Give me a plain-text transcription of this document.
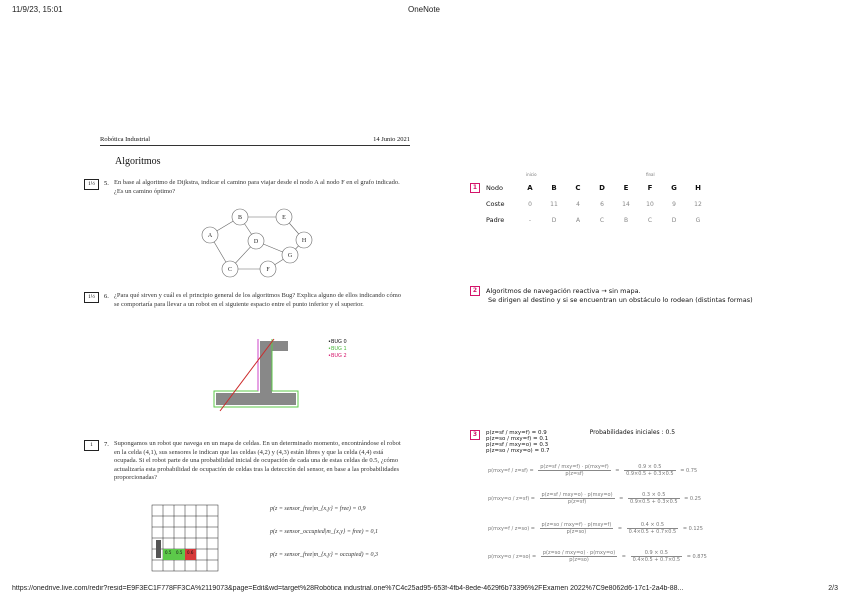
11/9/23, 15:01	OneNote
Robótica Industrial	14 Junio 2021
Algoritmos
1½	5. En base al algoritmo de Dijkstra, indicar el camino para viajar desde el nodo A al nodo F en el grafo indicado. ¿Es un camino óptimo?
A
B
C
D
E
F
G
H
1½	6. ¿Para qué sirven y cuál es el principio general de los algoritmos Bug? Explica alguno de ellos indicando cómo se comportaría para llevar a un robot en el siguiente espacio entre el punto inferior y el superior.
•BUG 0
•BUG 1
•BUG 2
1	7. Supongamos un robot que navega en un mapa de celdas. En un determinado momento, encontrándose el robot en la celda (4,1), sus sensores le indican que las celdas (4,2) y (4,3) están libres y que la celda (4,4) está ocupada. Si el robot parte de una probabilidad inicial de ocupación de cada una de estas celdas de 0.5, ¿cómo actualizaría esta probabilidad de ocupación de celdas tras la detección del sensor, en base a las probabilidades proporcionadas?
0.5 0.5 0.6
p(z = sensor_free|m_{x,y} = free) = 0,9
p(z = sensor_occupied|m_{x,y} = free) = 0,1
p(z = sensor_free|m_{x,y} = occupied) = 0,3
1 Nodo	A	B	C	D	E	F	G	H
Coste	0	11	4	6	14	10	9	12
Padre	-	D	A	C	B	C	D	G
inicio	final
2 Algoritmos de navegación reactiva → sin mapa.
Se dirigen al destino y si se encuentran un obstáculo lo rodean (distintas formas)
3	p(z=sf / mxy=f) = 0.9
p(z=so / mxy=f) = 0.1
p(z=sf / mxy=o) = 0.3
p(z=so / mxy=o) = 0.7
Probabilidades iniciales : 0.5
$p(mxy=f / z=sf) = \frac{\text{p(z=sf / mxy=f) · p(mxy=f)}}{p(z=sf)} = \frac{0.9 \times 0.5}{0.9\times 0.5 + 0.3\times 0.5} = 0.75$
$p(mxy=o / z=sf) = \frac{\text{p(z=sf / mxy=o) · p(mxy=o)}}{p(z=sf)} = \frac{0.3 \times 0.5}{0.9\times 0.5 + 0.3\times 0.5} = 0.25$
$p(mxy=f / z=so) = \frac{\text{p(z=so / mxy=f) · p(mxy=f)}}{p(z=so)} = \frac{0.4 \times 0.5}{0.4\times 0.5 + 0.7\times 0.5} = 0.125$
$p(mxy=o / z=so) = \frac{\text{p(z=so / mxy=o) · p(mxy=o)}}{p(z=so)} = \frac{0.9 \times 0.5}{0.4\times 0.5 + 0.7\times 0.5} = 0.875$
https://onedrive.live.com/redir?resid=E9F3EC1F778FF3CA%2119073&page=Edit&wd=target%28Robótica industrial.one%7C4c25ad95-653f-4fb4-8ede-4629f6b73396%2FExamen 2022%7C9e8062d6-17c1-2a4b-88...	2/3
